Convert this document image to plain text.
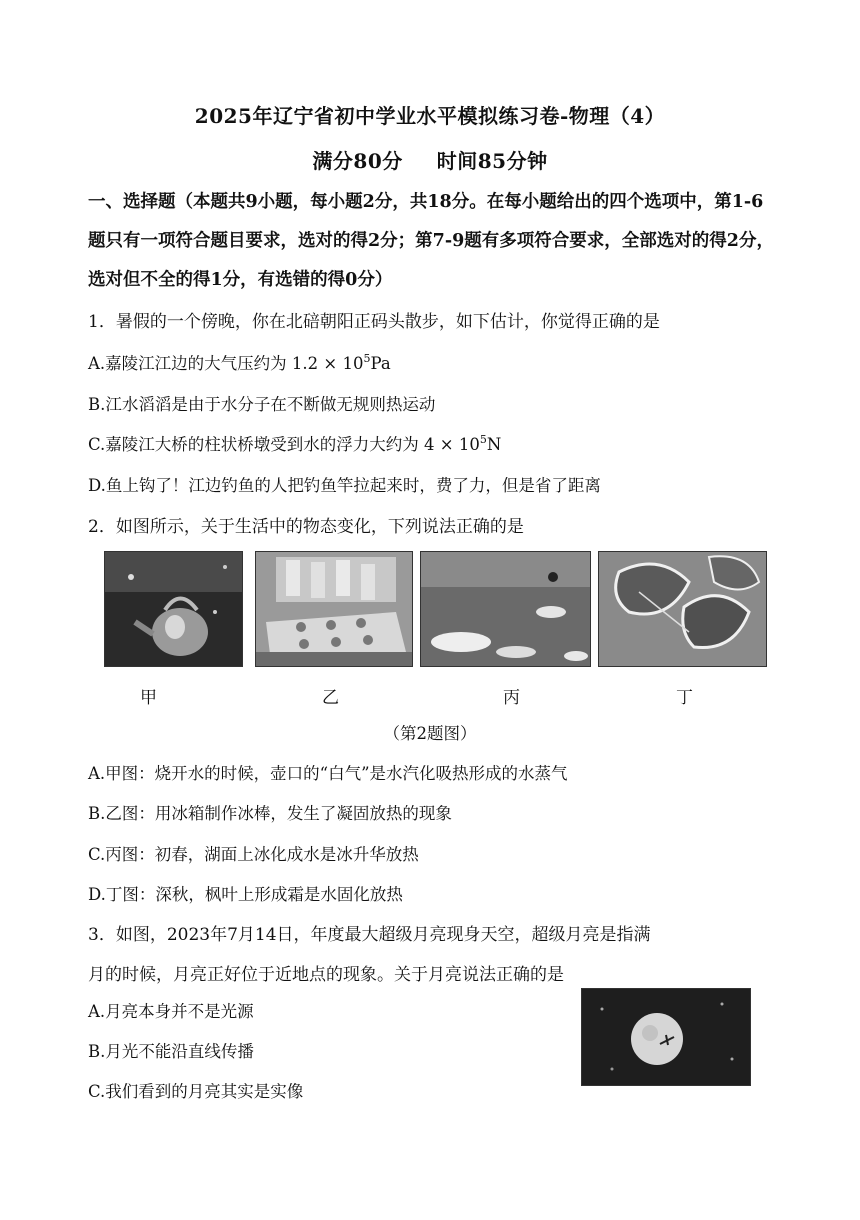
2025年辽宁省初中学业水平模拟练习卷-物理（4）
满分80分 时间85分钟
一、选择题（本题共9小题，每小题2分，共18分。在每小题给出的四个选项中，第1-6题只有一项符合题目要求，选对的得2分；第7-9题有多项符合要求，全部选对的得2分，选对但不全的得1分，有选错的得0分）
1．暑假的一个傍晚，你在北碚朝阳正码头散步，如下估计，你觉得正确的是
A.嘉陵江江边的大气压约为 $1.2 \times 10^5Pa$
B.江水滔滔是由于水分子在不断做无规则热运动
C.嘉陵江大桥的柱状桥墩受到水的浮力大约为 $4 \times 10^5N$
D.鱼上钩了！江边钓鱼的人把钓鱼竿拉起来时，费了力，但是省了距离
2．如图所示，关于生活中的物态变化，下列说法正确的是
甲	乙	丙	丁
（第2题图）
A.甲图：烧开水的时候，壶口的“白气”是水汽化吸热形成的水蒸气
B.乙图：用冰箱制作冰棒，发生了凝固放热的现象
C.丙图：初春，湖面上冰化成水是冰升华放热
D.丁图：深秋，枫叶上形成霜是水固化放热
3．如图，2023年7月14日，年度最大超级月亮现身天空，超级月亮是指满
月的时候，月亮正好位于近地点的现象。关于月亮说法正确的是
A.月亮本身并不是光源
B.月光不能沿直线传播
C.我们看到的月亮其实是实像
